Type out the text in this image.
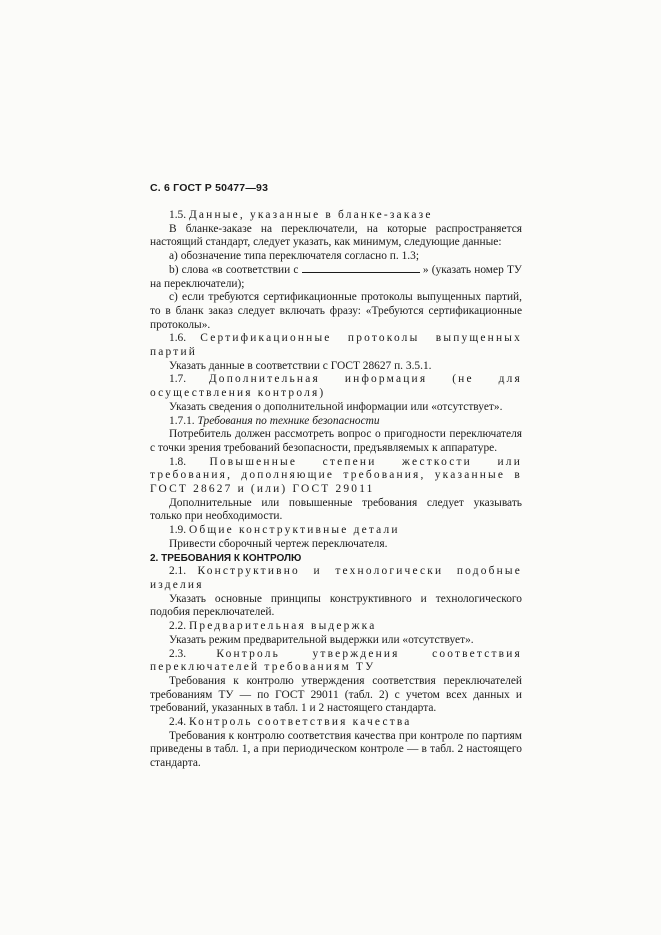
С. 6 ГОСТ Р 50477—93

1.5. Данные, указанные в бланке-заказе

В бланке-заказе на переключатели, на которые распространяется настоящий стандарт, следует указать, как минимум, следующие данные:

а) обозначение типа переключателя согласно п. 1.3;

b) слова «в соответствии с	» (указать номер ТУ на переключатели);

с) если требуются сертификационные протоколы выпущенных партий, то в бланк заказ следует включать фразу: «Требуются сертификационные протоколы».

1.6. Сертификационные протоколы выпущенных партий

Указать данные в соответствии с ГОСТ 28627 п. 3.5.1.

1.7. Дополнительная информация (не для осуществления контроля)

Указать сведения о дополнительной информации или «отсутствует».

1.7.1. Требования по технике безопасности

Потребитель должен рассмотреть вопрос о пригодности переключателя с точки зрения требований безопасности, предъявляемых к аппаратуре.

1.8. Повышенные степени жесткости или требования, дополняющие требования, указанные в ГОСТ 28627 и (или) ГОСТ 29011

Дополнительные или повышенные требования следует указывать только при необходимости.

1.9. Общие конструктивные детали

Привести сборочный чертеж переключателя.

2. ТРЕБОВАНИЯ К КОНТРОЛЮ

2.1. Конструктивно и технологически подобные изделия

Указать основные принципы конструктивного и технологического подобия переключателей.

2.2. Предварительная выдержка

Указать режим предварительной выдержки или «отсутствует».

2.3.	Контроль утверждения соответствия переключателей требованиям ТУ

Требования к контролю утверждения соответствия переключателей требованиям ТУ — по ГОСТ 29011 (табл. 2) с учетом всех данных и требований, указанных в табл. 1 и 2 настоящего стандарта.

2.4. Контроль соответствия качества

Требования к контролю соответствия качества при контроле по партиям приведены в табл. 1, а при периодическом контроле — в табл. 2 настоящего стандарта.
